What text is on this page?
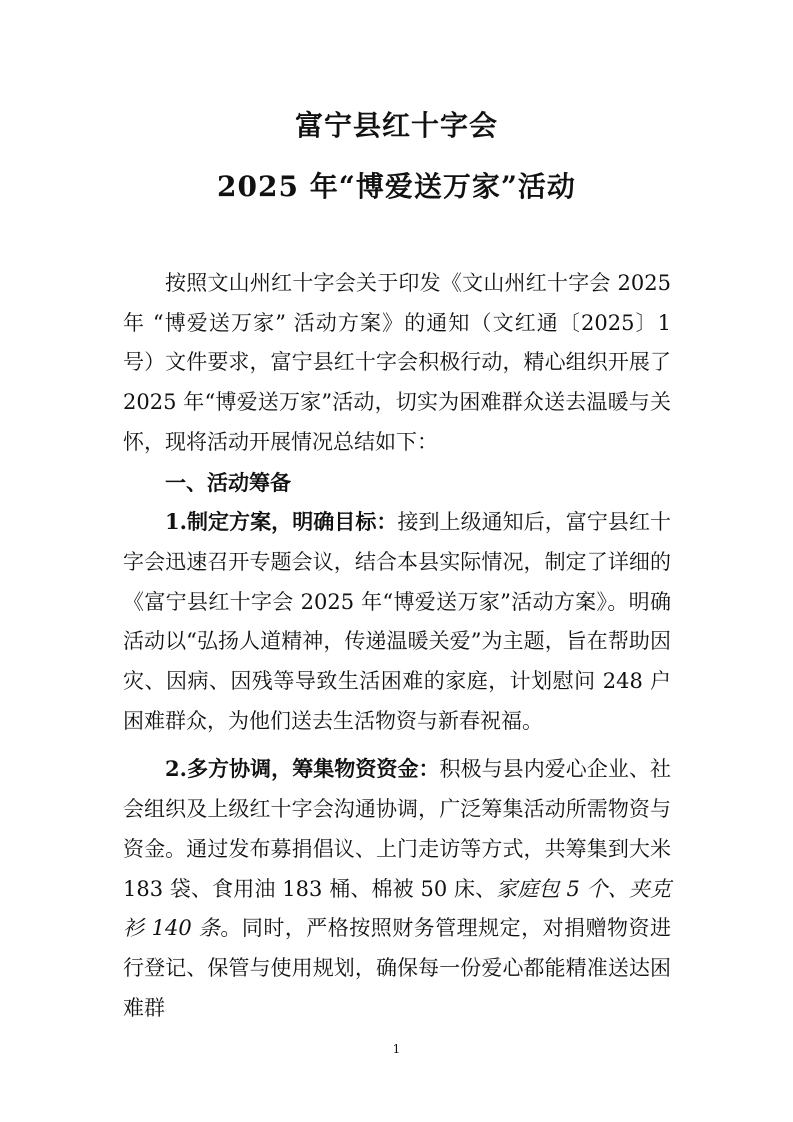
富宁县红十字会
2025 年“博爱送万家”活动

按照文山州红十字会关于印发《文山州红十字会 2025 年 “博爱送万家” 活动方案》的通知（文红通〔2025〕1 号）文件要求，富宁县红十字会积极行动，精心组织开展了 2025 年“博爱送万家”活动，切实为困难群众送去温暖与关怀，现将活动开展情况总结如下：

一、活动筹备

1.制定方案，明确目标：接到上级通知后，富宁县红十字会迅速召开专题会议，结合本县实际情况，制定了详细的《富宁县红十字会 2025 年“博爱送万家”活动方案》。明确活动以“弘扬人道精神，传递温暖关爱”为主题，旨在帮助因灾、因病、因残等导致生活困难的家庭，计划慰问 248 户困难群众，为他们送去生活物资与新春祝福。

2.多方协调，筹集物资资金：积极与县内爱心企业、社会组织及上级红十字会沟通协调，广泛筹集活动所需物资与资金。通过发布募捐倡议、上门走访等方式，共筹集到大米 183 袋、食用油 183 桶、棉被 50 床、家庭包 5 个、夹克衫 140 条。同时，严格按照财务管理规定，对捐赠物资进行登记、保管与使用规划，确保每一份爱心都能精准送达困难群

1
